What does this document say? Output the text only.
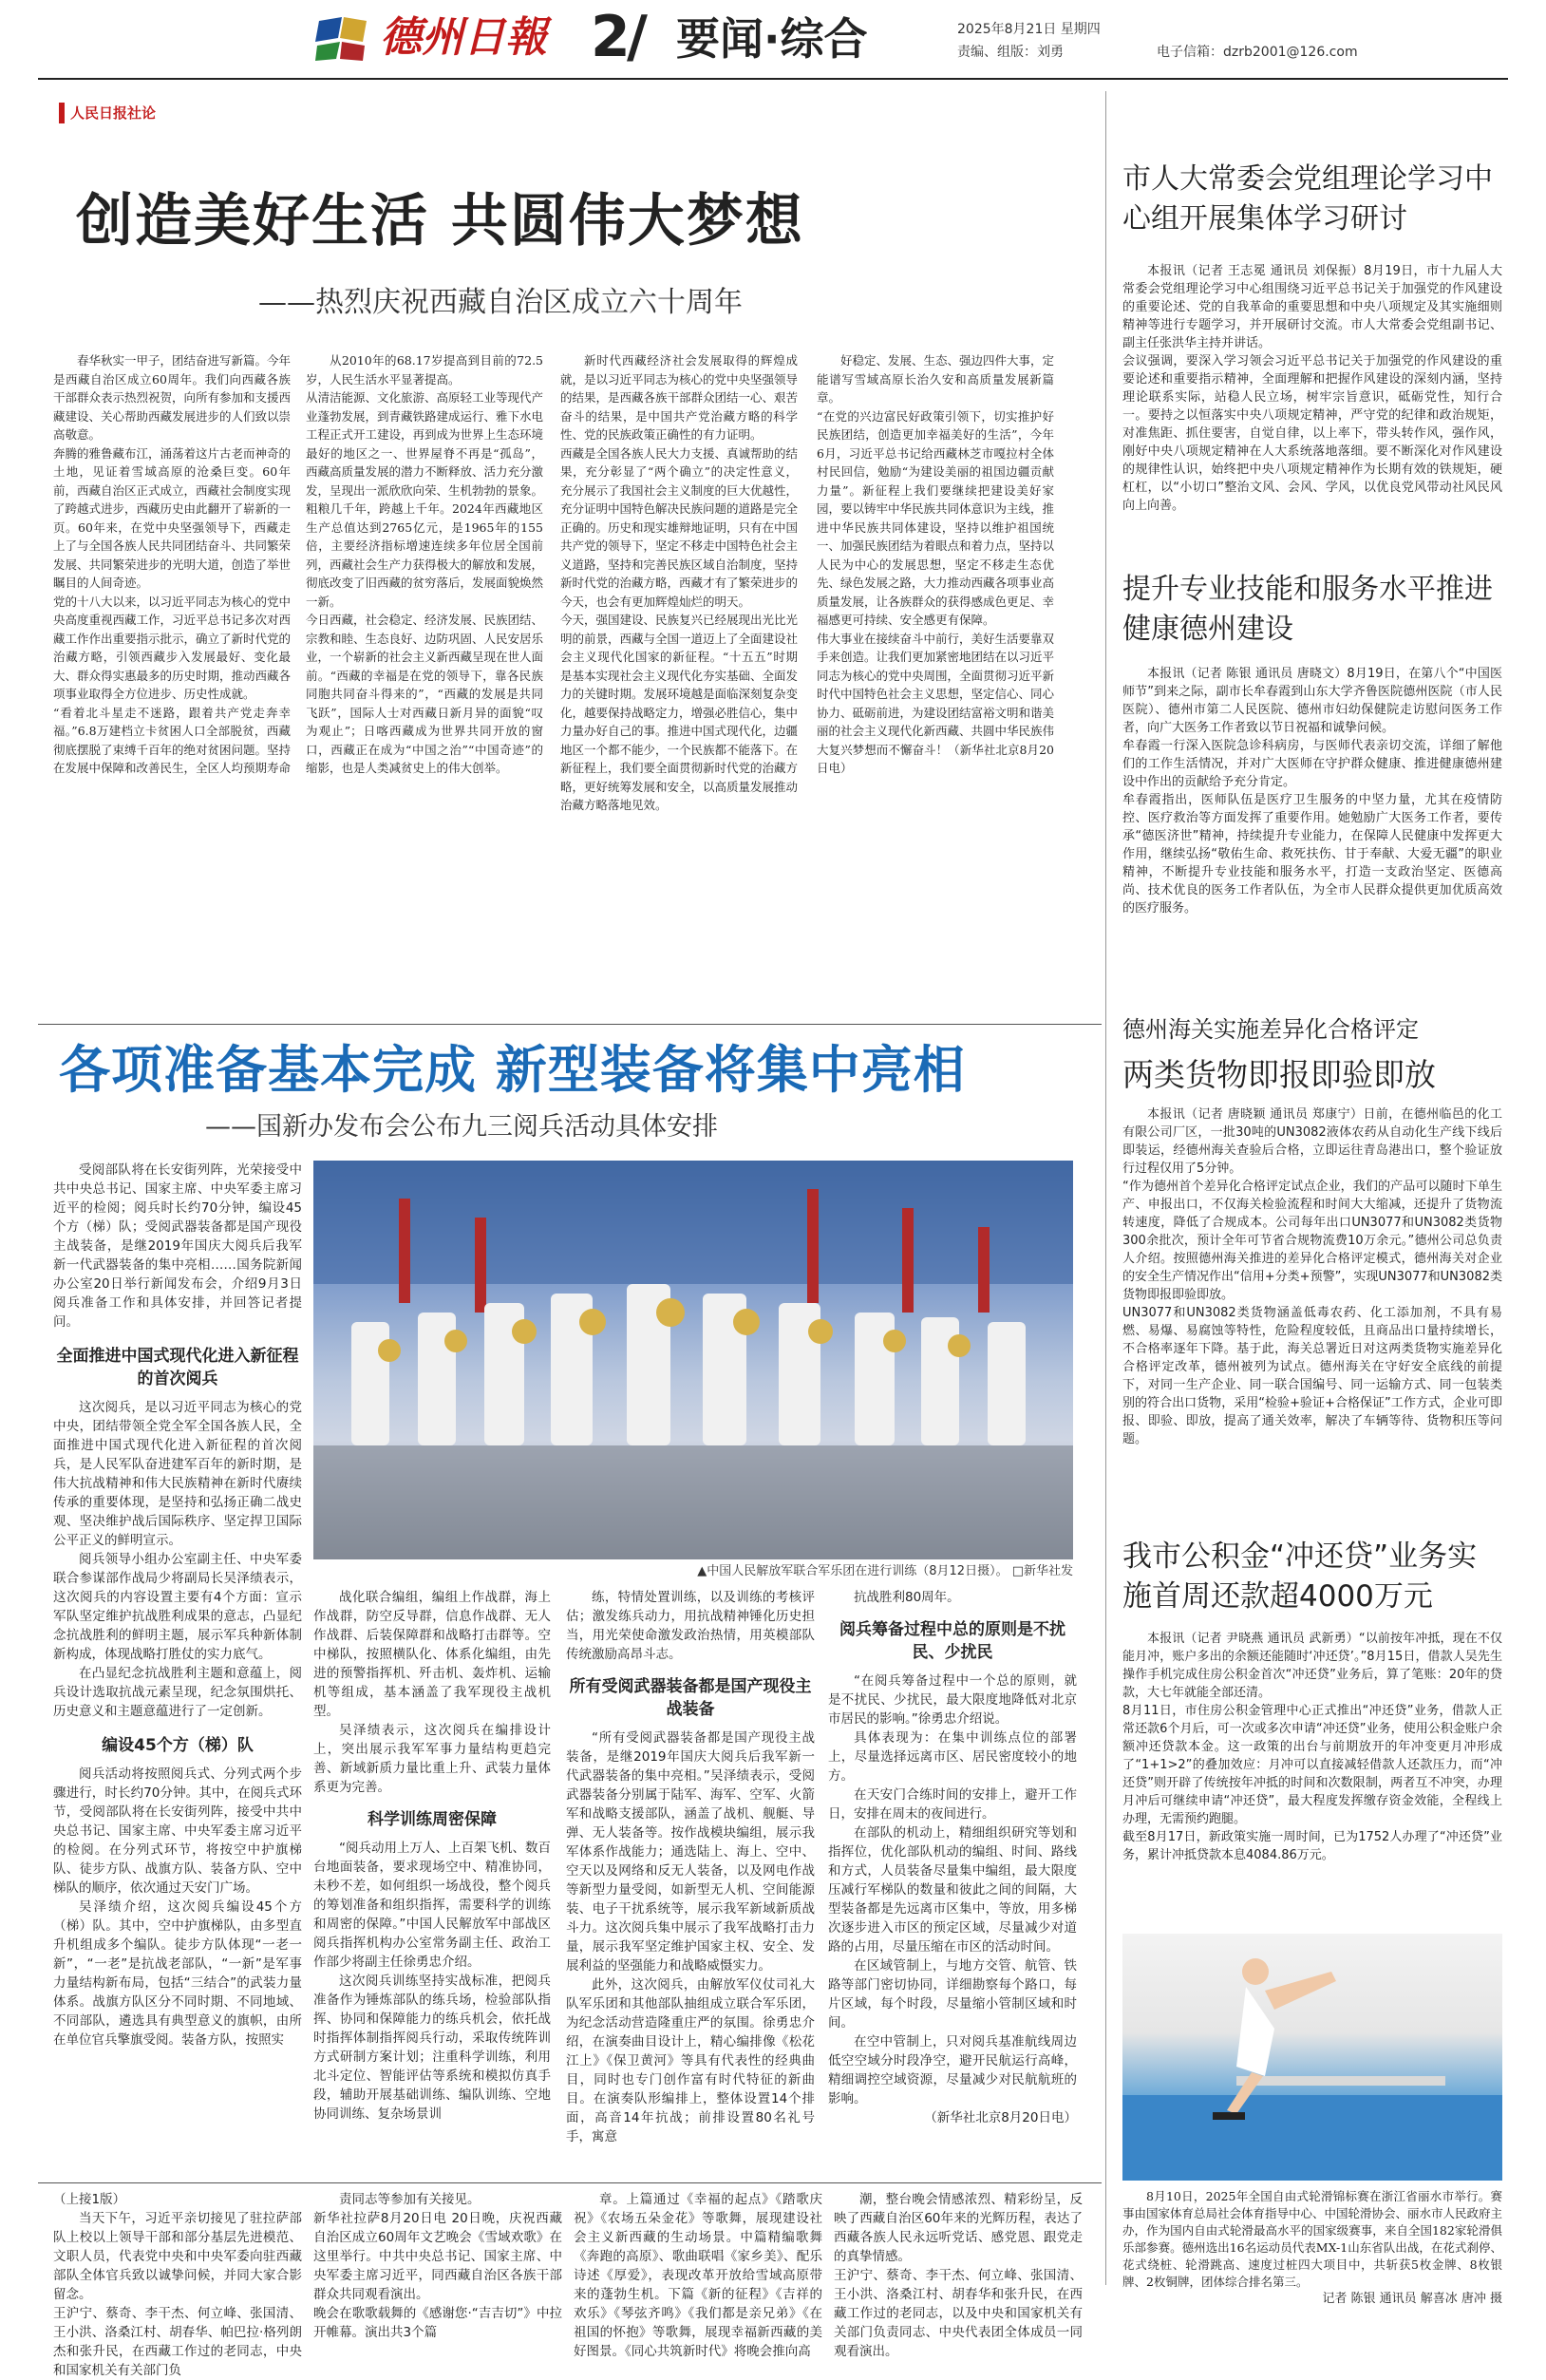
德州日報 2
/ 要闻·综合	2025年8月21日 星期四
责编、组版：刘勇	电子信箱：dzrb2001@126.com
人民日报社论
创造美好生活 共圆伟大梦想
——热烈庆祝西藏自治区成立六十周年

春华秋实一甲子，团结奋进写新篇。今年是西藏自治区成立60周年。我们向西藏各族干部群众表示热烈祝贺，向所有参加和支援西藏建设、关心帮助西藏发展进步的人们致以崇高敬意。
奔腾的雅鲁藏布江，涌荡着这片古老而神奇的土地，见证着雪域高原的沧桑巨变。60年前，西藏自治区正式成立，西藏社会制度实现了跨越式进步，西藏历史由此翻开了崭新的一页。60年来，在党中央坚强领导下，西藏走上了与全国各族人民共同团结奋斗、共同繁荣发展、共同繁荣进步的光明大道，创造了举世瞩目的人间奇迹。
党的十八大以来，以习近平同志为核心的党中央高度重视西藏工作，习近平总书记多次对西藏工作作出重要指示批示，确立了新时代党的治藏方略，引领西藏步入发展最好、变化最大、群众得实惠最多的历史时期，推动西藏各项事业取得全方位进步、历史性成就。
“看着北斗星走不迷路，跟着共产党走奔幸福。”6.8万建档立卡贫困人口全部脱贫，西藏彻底摆脱了束缚千百年的绝对贫困问题。坚持在发展中保障和改善民生，全区人均预期寿命

从2010年的68.17岁提高到目前的72.5岁，人民生活水平显著提高。
从清洁能源、文化旅游、高原轻工业等现代产业蓬勃发展，到青藏铁路建成运行、雅下水电工程正式开工建设，再到成为世界上生态环境最好的地区之一、世界屋脊不再是“孤岛”，西藏高质量发展的潜力不断释放、活力充分激发，呈现出一派欣欣向荣、生机勃勃的景象。
粗粮几千年，跨越上千年。2024年西藏地区生产总值达到2765亿元，是1965年的155倍，主要经济指标增速连续多年位居全国前列，西藏社会生产力获得极大的解放和发展，彻底改变了旧西藏的贫穷落后，发展面貌焕然一新。
今日西藏，社会稳定、经济发展、民族团结、宗教和睦、生态良好、边防巩固、人民安居乐业，一个崭新的社会主义新西藏呈现在世人面前。“西藏的幸福是在党的领导下，靠各民族同胞共同奋斗得来的”，“西藏的发展是共同飞跃”，国际人士对西藏日新月异的面貌“叹为观止”；日喀西藏成为世界共同开放的窗口，西藏正在成为“中国之治”“中国奇迹”的缩影，也是人类减贫史上的伟大创举。

新时代西藏经济社会发展取得的辉煌成就，是以习近平同志为核心的党中央坚强领导的结果，是西藏各族干部群众团结一心、艰苦奋斗的结果，是中国共产党治藏方略的科学性、党的民族政策正确性的有力证明。
西藏是全国各族人民大力支援、真诚帮助的结果，充分彰显了“两个确立”的决定性意义，充分展示了我国社会主义制度的巨大优越性，充分证明中国特色解决民族问题的道路是完全正确的。历史和现实雄辩地证明，只有在中国共产党的领导下，坚定不移走中国特色社会主义道路，坚持和完善民族区域自治制度，坚持新时代党的治藏方略，西藏才有了繁荣进步的今天，也会有更加辉煌灿烂的明天。
今天，强国建设、民族复兴已经展现出光比光明的前景，西藏与全国一道迈上了全面建设社会主义现代化国家的新征程。“十五五”时期是基本实现社会主义现代化夯实基础、全面发力的关键时期。发展环境越是面临深刻复杂变化，越要保持战略定力，增强必胜信心，集中力量办好自己的事。推进中国式现代化，边疆地区一个都不能少，一个民族都不能落下。在新征程上，我们要全面贯彻新时代党的治藏方略，更好统筹发展和安全，以高质量发展推动治藏方略落地见效。

好稳定、发展、生态、强边四件大事，定能谱写雪域高原长治久安和高质量发展新篇章。
“在党的兴边富民好政策引领下，切实推护好民族团结，创造更加幸福美好的生活”，今年6月，习近平总书记给西藏林芝市嘎拉村全体村民回信，勉励“为建设美丽的祖国边疆贡献力量”。新征程上我们要继续把建设美好家园，要以铸牢中华民族共同体意识为主线，推进中华民族共同体建设，坚持以维护祖国统一、加强民族团结为着眼点和着力点，坚持以人民为中心的发展思想，坚定不移走生态优先、绿色发展之路，大力推动西藏各项事业高质量发展，让各族群众的获得感成色更足、幸福感更可持续、安全感更有保障。
伟大事业在接续奋斗中前行，美好生活要靠双手来创造。让我们更加紧密地团结在以习近平同志为核心的党中央周围，全面贯彻习近平新时代中国特色社会主义思想，坚定信心、同心协力、砥砺前进，为建设团结富裕文明和谐美丽的社会主义现代化新西藏、共圆中华民族伟大复兴梦想而不懈奋斗！（新华社北京8月20日电）

各项准备基本完成 新型装备将集中亮相
——国新办发布会公布九三阅兵活动具体安排

受阅部队将在长安街列阵，光荣接受中共中央总书记、国家主席、中央军委主席习近平的检阅；阅兵时长约70分钟，编设45个方（梯）队；受阅武器装备都是国产现役主战装备，是继2019年国庆大阅兵后我军新一代武器装备的集中亮相……国务院新闻办公室20日举行新闻发布会，介绍9月3日阅兵准备工作和具体安排，并回答记者提问。

全面推进中国式现代化进入新征程的首次阅兵

这次阅兵，是以习近平同志为核心的党中央，团结带领全党全军全国各族人民，全面推进中国式现代化进入新征程的首次阅兵，是人民军队奋进建军百年的新时期，是伟大抗战精神和伟大民族精神在新时代赓续传承的重要体现，是坚持和弘扬正确二战史观、坚决维护战后国际秩序、坚定捍卫国际公平正义的鲜明宣示。

阅兵领导小组办公室副主任、中央军委联合参谋部作战局少将副局长吴泽绩表示，这次阅兵的内容设置主要有4个方面：宣示军队坚定维护抗战胜利成果的意志，凸显纪念抗战胜利的鲜明主题，展示军兵种新体制新构成，体现战略打胜仗的实力底气。

在凸显纪念抗战胜利主题和意蕴上，阅兵设计选取抗战元素呈现，纪念氛围烘托、历史意义和主题意蕴进行了一定创新。

编设45个方（梯）队

阅兵活动将按照阅兵式、分列式两个步骤进行，时长约70分钟。其中，在阅兵式环节，受阅部队将在长安街列阵，接受中共中央总书记、国家主席、中央军委主席习近平的检阅。在分列式环节，将按空中护旗梯队、徒步方队、战旗方队、装备方队、空中梯队的顺序，依次通过天安门广场。

吴泽绩介绍，这次阅兵编设45个方（梯）队。其中，空中护旗梯队，由多型直升机组成多个编队。徒步方队体现“一老一新”，“一老”是抗战老部队，“一新”是军事力量结构新布局，包括“三结合”的武装力量体系。战旗方队区分不同时期、不同地域、不同部队，遴选具有典型意义的旗帜，由所在单位官兵擎旗受阅。装备方队，按照实

▲中国人民解放军联合军乐团在进行训练（8月12日摄）。 □新华社发

战化联合编组，编组上作战群，海上作战群，防空反导群，信息作战群、无人作战群、后装保障群和战略打击群等。空中梯队，按照横队化、体系化编组，由先进的预警指挥机、歼击机、轰炸机、运输机等组成，基本涵盖了我军现役主战机型。

吴泽绩表示，这次阅兵在编排设计上，突出展示我军军事力量结构更趋完善、新域新质力量比重上升、武装力量体系更为完善。

科学训练周密保障

“阅兵动用上万人、上百架飞机、数百台地面装备，要求现场空中、精准协同，未秒不差，如何组织一场战役，整个阅兵的筹划准备和组织指挥，需要科学的训练和周密的保障。”中国人民解放军中部战区阅兵指挥机构办公室常务副主任、政治工作部少将副主任徐勇忠介绍。

这次阅兵训练坚持实战标准，把阅兵准备作为锤炼部队的练兵场，检验部队指挥、协同和保障能力的练兵机会，依托战时指挥体制指挥阅兵行动，采取传统阵训方式研制方案计划；注重科学训练，利用北斗定位、智能评估等系统和模拟仿真手段，辅助开展基础训练、编队训练、空地协同训练、复杂场景训

练，特情处置训练，以及训练的考核评估；激发练兵动力，用抗战精神锤化历史担当，用光荣使命激发政治热情，用英模部队传统激励高昂斗志。

所有受阅武器装备都是国产现役主战装备

“所有受阅武器装备都是国产现役主战装备，是继2019年国庆大阅兵后我军新一代武器装备的集中亮相。”吴泽绩表示，受阅武器装备分别属于陆军、海军、空军、火箭军和战略支援部队，涵盖了战机、舰艇、导弹、无人装备等。按作战模块编组，展示我军体系作战能力；通选陆上、海上、空中、空天以及网络和反无人装备，以及网电作战等新型力量受阅，如新型无人机、空间能源装、电子干扰系统等，展示我军新域新质战斗力。这次阅兵集中展示了我军战略打击力量，展示我军坚定维护国家主权、安全、发展利益的坚强能力和战略威慑实力。

此外，这次阅兵，由解放军仪仗司礼大队军乐团和其他部队抽组成立联合军乐团，为纪念活动营造隆重庄严的氛围。徐勇忠介绍，在演奏曲目设计上，精心编排像《松花江上》《保卫黄河》等具有代表性的经典曲目，同时也专门创作富有时代特征的新曲目。在演奏队形编排上，整体设置14个排面，高音14年抗战；前排设置80名礼号手，寓意

抗战胜利80周年。

阅兵筹备过程中总的原则是不扰民、少扰民

“在阅兵筹备过程中一个总的原则，就是不扰民、少扰民，最大限度地降低对北京市居民的影响。”徐勇忠介绍说。

具体表现为：在集中训练点位的部署上，尽量选择远离市区、居民密度较小的地方。

在天安门合练时间的安排上，避开工作日，安排在周末的夜间进行。

在部队的机动上，精细组织研究等划和指挥位，优化部队机动的编组、时间、路线和方式，人员装备尽量集中编组，最大限度压减行军梯队的数量和彼此之间的间隔，大型装备都是先远离市区集中，等放，用多梯次逐步进入市区的预定区域，尽量减少对道路的占用，尽量压缩在市区的活动时间。

在区域管制上，与地方交管、航管、铁路等部门密切协同，详细勘察每个路口，每片区域，每个时段，尽量缩小管制区域和时间。

在空中管制上，只对阅兵基准航线周边低空空域分时段净空，避开民航运行高峰，精细调控空域资源，尽量减少对民航航班的影响。

（新华社北京8月20日电）

（上接1版）

当天下午，习近平亲切接见了驻拉萨部队上校以上领导干部和部分基层先进模范、文职人员，代表党中央和中央军委向驻西藏部队全体官兵致以诚挚问候，并同大家合影留念。
王沪宁、蔡奇、李干杰、何立峰、张国清、王小洪、洛桑江村、胡春华、帕巴拉·格列朗杰和张升民，在西藏工作过的老同志，中央和国家机关有关部门负

责同志等参加有关接见。
新华社拉萨8月20日电 20日晚，庆祝西藏自治区成立60周年文艺晚会《雪域欢歌》在这里举行。中共中央总书记、国家主席、中央军委主席习近平，同西藏自治区各族干部群众共同观看演出。
晚会在歌歌载舞的《感谢您·“吉吉切”》中拉开帷幕。演出共3个篇

章。上篇通过《幸福的起点》《踏歌庆祝》《农场五朵金花》等歌舞，展现建设社会主义新西藏的生动场景。中篇精编歌舞《奔跑的高原》、歌曲联唱《家乡美》、配乐诗述《厚爱》，表现改革开放给雪域高原带来的蓬勃生机。下篇《新的征程》《吉祥的欢乐》《琴弦齐鸣》《我们都是亲兄弟》《在祖国的怀抱》等歌舞，展现幸福新西藏的美好图景。《同心共筑新时代》将晚会推向高

潮，整台晚会情感浓烈、精彩纷呈，反映了西藏自治区60年来的光辉历程，表达了西藏各族人民永远听党话、感党恩、跟党走的真挚情感。
王沪宁、蔡奇、李干杰、何立峰、张国清、王小洪、洛桑江村、胡春华和张升民，在西藏工作过的老同志，以及中央和国家机关有关部门负责同志、中央代表团全体成员一同观看演出。

市人大常委会党组理论学习中心组开展集体学习研讨

本报讯（记者 王志冕 通讯员 刘保振）8月19日，市十九届人大常委会党组理论学习中心组围绕习近平总书记关于加强党的作风建设的重要论述、党的自我革命的重要思想和中央八项规定及其实施细则精神等进行专题学习，并开展研讨交流。市人大常委会党组副书记、副主任张洪华主持并讲话。
会议强调，要深入学习领会习近平总书记关于加强党的作风建设的重要论述和重要指示精神，全面理解和把握作风建设的深刻内涵，坚持理论联系实际，站稳人民立场，树牢宗旨意识，砥砺党性，知行合一。要持之以恒落实中央八项规定精神，严守党的纪律和政治规矩，对准焦距、抓住要害，自觉自律，以上率下，带头转作风，强作风，刚好中央八项规定精神在人大系统落地落细。要不断深化对作风建设的规律性认识，始终把中央八项规定精神作为长期有效的铁规矩，硬杠杠，以“小切口”整治文风、会风、学风，以优良党风带动社风民风向上向善。

提升专业技能和服务水平推进健康德州建设

本报讯（记者 陈银 通讯员 唐晓文）8月19日，在第八个“中国医师节”到来之际，副市长牟春霞到山东大学齐鲁医院德州医院（市人民医院）、德州市第二人民医院、德州市妇幼保健院走访慰问医务工作者，向广大医务工作者致以节日祝福和诚挚问候。
牟春霞一行深入医院急诊科病房，与医师代表亲切交流，详细了解他们的工作生活情况，并对广大医师在守护群众健康、推进健康德州建设中作出的贡献给予充分肯定。
牟春霞指出，医师队伍是医疗卫生服务的中坚力量，尤其在疫情防控、医疗救治等方面发挥了重要作用。她勉励广大医务工作者，要传承“德医济世”精神，持续提升专业能力，在保障人民健康中发挥更大作用，继续弘扬“敬佑生命、救死扶伤、甘于奉献、大爱无疆”的职业精神，不断提升专业技能和服务水平，打造一支政治坚定、医德高尚、技术优良的医务工作者队伍，为全市人民群众提供更加优质高效的医疗服务。

德州海关实施差异化合格评定
两类货物即报即验即放

本报讯（记者 唐晓颖 通讯员 郑康宁）日前，在德州临邑的化工有限公司厂区，一批30吨的UN3082液体农药从自动化生产线下线后即装运，经德州海关查验后合格，立即运往青岛港出口，整个验证放行过程仅用了5分钟。
“作为德州首个差异化合格评定试点企业，我们的产品可以随时下单生产、申报出口，不仅海关检验流程和时间大大缩减，还提升了货物流转速度，降低了合规成本。公司每年出口UN3077和UN3082类货物300余批次，预计全年可节省合规物流费10万余元。”德州公司总负责人介绍。按照德州海关推进的差异化合格评定模式，德州海关对企业的安全生产情况作出“信用+分类+预警”，实现UN3077和UN3082类货物即报即验即放。
UN3077和UN3082类货物涵盖低毒农药、化工添加剂，不具有易燃、易爆、易腐蚀等特性，危险程度较低，且商品出口量持续增长，不合格率逐年下降。基于此，海关总署近日对这两类货物实施差异化合格评定改革，德州被列为试点。德州海关在守好安全底线的前提下，对同一生产企业、同一联合国编号、同一运输方式、同一包装类别的符合出口货物，采用“检验+验证+合格保证”工作方式，企业可即报、即验、即放，提高了通关效率，解决了车辆等待、货物积压等问题。

我市公积金“冲还贷”业务实施首周还款超4000万元

本报讯（记者 尹晓燕 通讯员 武新勇）“以前按年冲抵，现在不仅能月冲，账户多出的余额还能随时‘冲还贷’。”8月15日，借款人吴先生操作手机完成住房公积金首次“冲还贷”业务后，算了笔账：20年的贷款，大七年就能全部还清。
8月11日，市住房公积金管理中心正式推出“冲还贷”业务，借款人正常还款6个月后，可一次或多次申请“冲还贷”业务，使用公积金账户余额冲还贷款本金。这一政策的出台与前期放开的年冲变更月冲形成了“1+1>2”的叠加效应：月冲可以直接减轻借款人还款压力，而“冲还贷”则开辟了传统按年冲抵的时间和次数限制，两者互不冲突，办理月冲后可继续申请“冲还贷”，最大程度发挥缴存资金效能，全程线上办理，无需预约跑腿。
截至8月17日，新政策实施一周时间，已为1752人办理了“冲还贷”业务，累计冲抵贷款本息4084.86万元。

8月10日，2025年全国自由式轮滑锦标赛在浙江省丽水市举行。赛事由国家体育总局社会体育指导中心、中国轮滑协会、丽水市人民政府主办，作为国内自由式轮滑最高水平的国家级赛事，来自全国182家轮滑俱乐部参赛。德州选出16名运动员代表MX-1山东省队出战，在花式刹停、花式绕桩、轮滑跳高、速度过桩四大项目中，共斩获5枚金牌、8枚银牌、2枚铜牌，团体综合排名第三。

记者 陈银 通讯员 解喜冰 唐冲 摄
